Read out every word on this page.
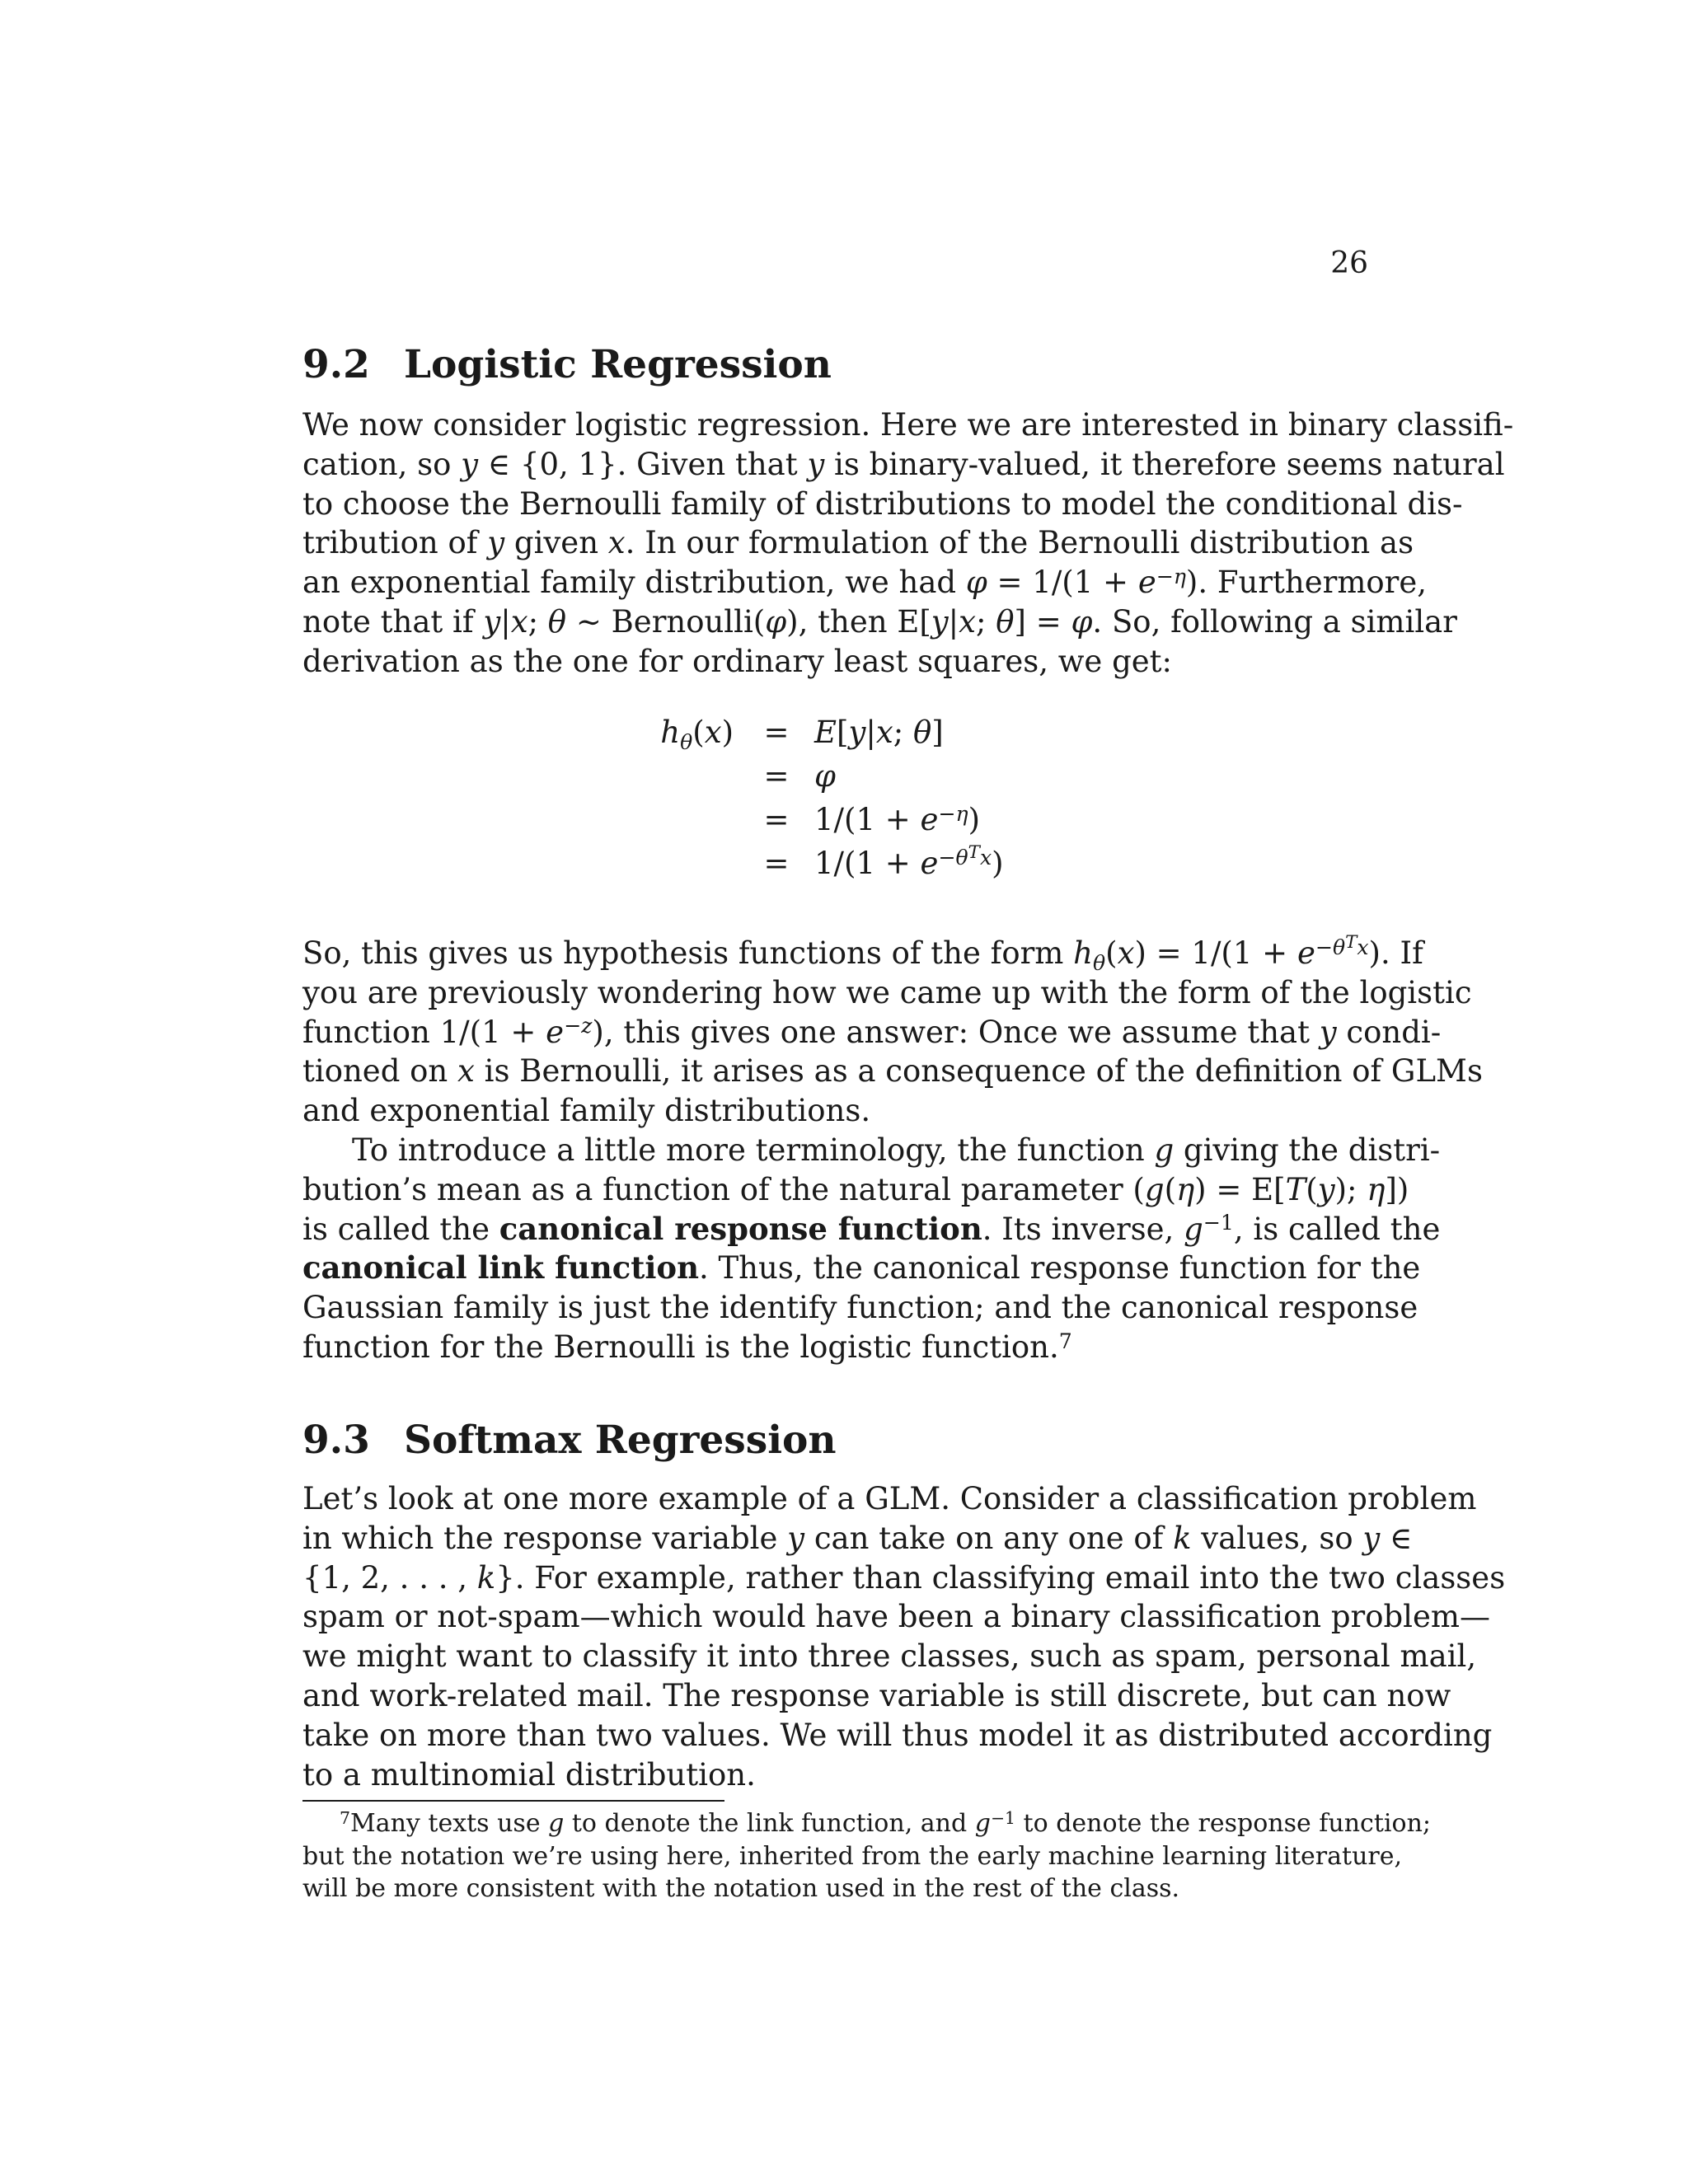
26
9.2 Logistic Regression
We now consider logistic regression. Here we are interested in binary classifi-
cation, so y ∈ {0, 1}. Given that y is binary-valued, it therefore seems natural
to choose the Bernoulli family of distributions to model the conditional dis-
tribution of y given x. In our formulation of the Bernoulli distribution as
an exponential family distribution, we had $\varphi = 1/(1 + e^{-\eta})$. Furthermore,
note that if y|x; θ ∼ Bernoulli(φ), then E[y|x; θ] = φ. So, following a similar
derivation as the one for ordinary least squares, we get:
$h_\theta(x) = E[y|x$; θ]
= φ
= $1/(1 + e^{-\eta})$
= $1/(1 + e^{-\theta^Tx})$
So, this gives us hypothesis functions of the form $h_\theta(x) = 1/(1 + e^{-\theta^Tx})$. If
you are previously wondering how we came up with the form of the logistic
function $1/(1 + e^{-z})$, this gives one answer: Once we assume that y condi-
tioned on x is Bernoulli, it arises as a consequence of the definition of GLMs
and exponential family distributions.
To introduce a little more terminology, the function g giving the distri-
bution’s mean as a function of the natural parameter (g(η) = E[T(y); η])
is called the canonical response function. Its inverse, $g^{-1}$, is called the
canonical link function. Thus, the canonical response function for the
Gaussian family is just the identify function; and the canonical response
function for the Bernoulli is the logistic function.$^7$
9.3 Softmax Regression
Let’s look at one more example of a GLM. Consider a classification problem
in which the response variable y can take on any one of k values, so y ∈
{1, 2, . . . , k}. For example, rather than classifying email into the two classes
spam or not-spam—which would have been a binary classification problem—
we might want to classify it into three classes, such as spam, personal mail,
and work-related mail. The response variable is still discrete, but can now
take on more than two values. We will thus model it as distributed according
to a multinomial distribution.
$^7$Many texts use g to denote the link function, and $g^{-1}$ to denote the response function;
but the notation we’re using here, inherited from the early machine learning literature,
will be more consistent with the notation used in the rest of the class.
